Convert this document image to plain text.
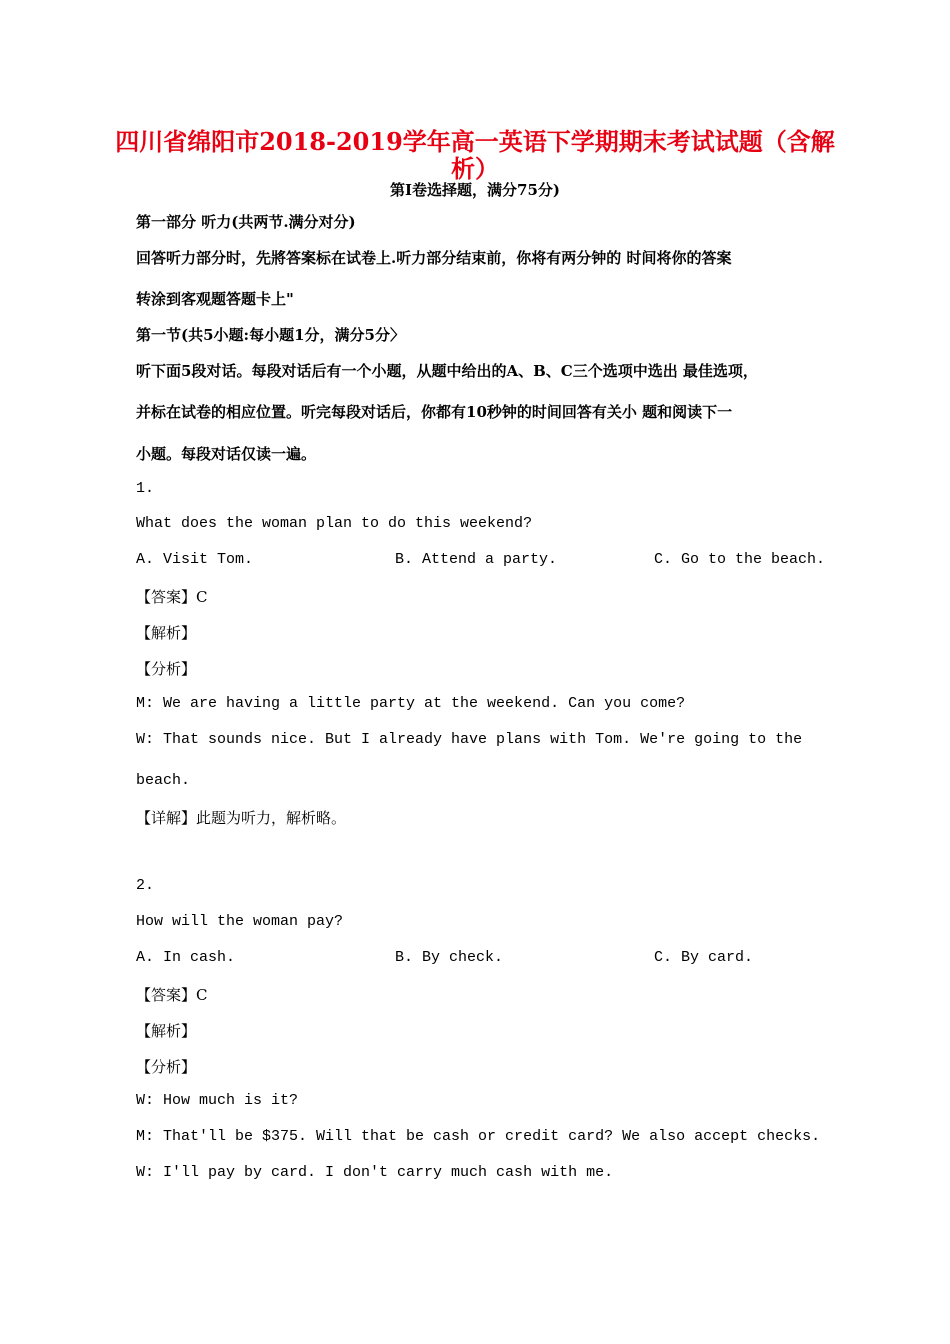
四川省绵阳市2018-2019学年高一英语下学期期末考试试题（含解
析）
第Ⅰ卷选择题，满分75分)
第一部分 听力(共两节.满分对分)
回答听力部分时，先將答案标在试卷上.听力部分结束前，你将有两分钟的 时间将你的答案
转涂到客观题答题卡上"
第一节(共5小题:每小题1分，满分5分〉
听下面5段对话。每段对话后有一个小题，从题中给出的A、B、C三个选项中选出 最佳选项，
并标在试卷的相应位置。听完每段对话后，你都有10秒钟的时间回答有关小 题和阅读下一
小题。每段对话仅读一遍。
1.
What does the woman plan to do this weekend?
A. Visit Tom.	B. Attend a party.	C. Go to the beach.
【答案】C
【解析】
【分析】
M: We are having a little party at the weekend. Can you come?
W: That sounds nice. But I already have plans with Tom. We're going to the
beach.
【详解】此题为听力，解析略。
2.
How will the woman pay?
A. In cash.	B. By check.	C. By card.
【答案】C
【解析】
【分析】
W: How much is it?
M: That'll be $375. Will that be cash or credit card? We also accept checks.
W: I'll pay by card. I don't carry much cash with me.
